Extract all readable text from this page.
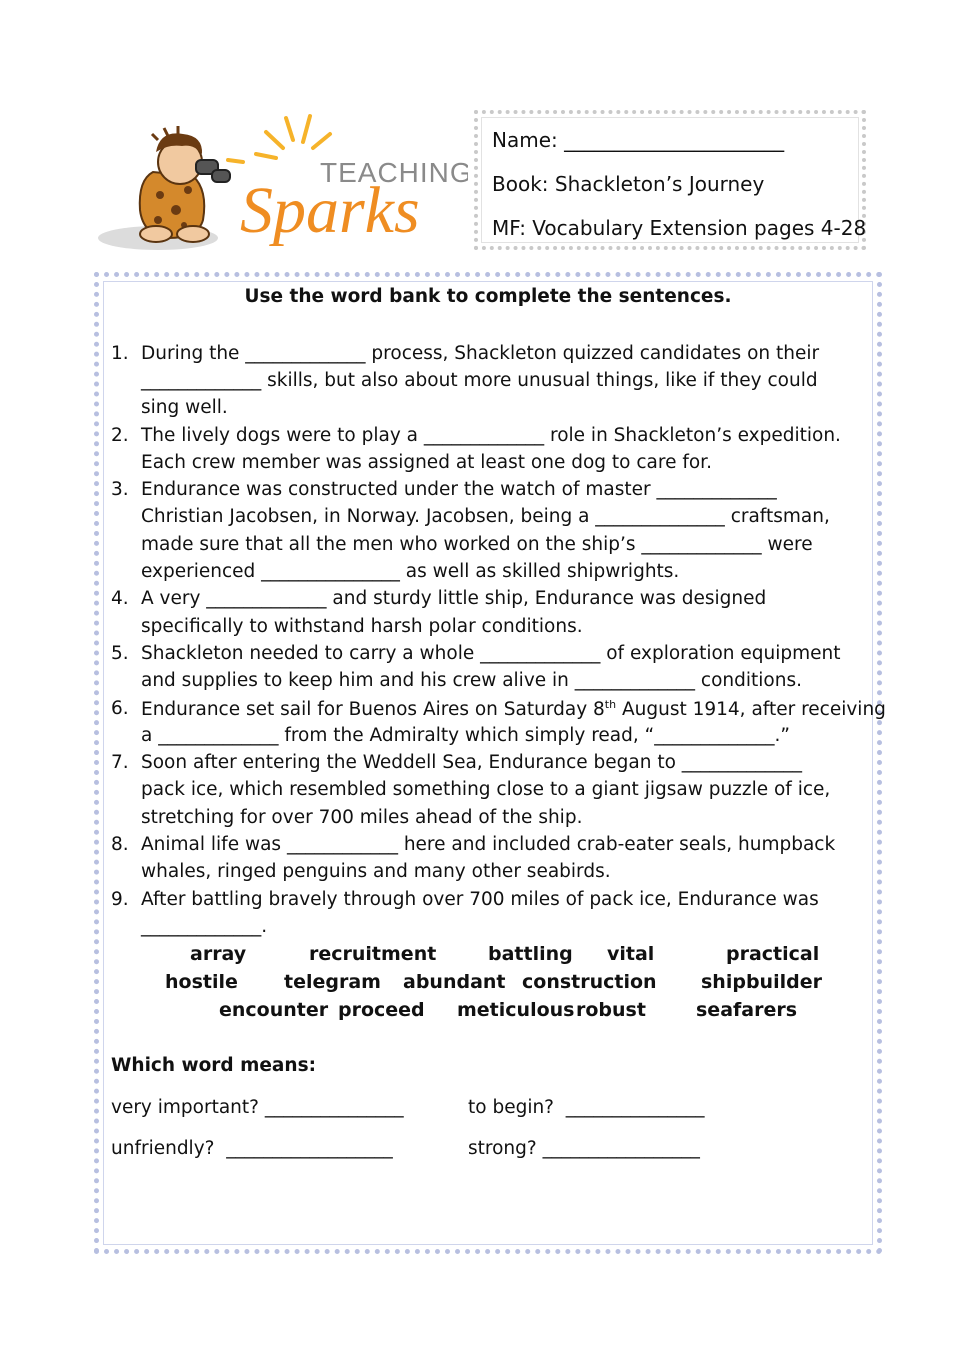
TEACHING
Sparks
Name: ______________________
Book: Shackleton’s Journey
MF: Vocabulary Extension pages 4-28
Use the word bank to complete the sentences.
1. During the _____________ process, Shackleton quizzed candidates on their
_____________ skills, but also about more unusual things, like if they could
sing well.
2. The lively dogs were to play a _____________ role in Shackleton’s expedition.
Each crew member was assigned at least one dog to care for.
3. Endurance was constructed under the watch of master _____________
Christian Jacobsen, in Norway. Jacobsen, being a ______________ craftsman,
made sure that all the men who worked on the ship’s _____________ were
experienced _______________ as well as skilled shipwrights.
4. A very _____________ and sturdy little ship, Endurance was designed
specifically to withstand harsh polar conditions.
5. Shackleton needed to carry a whole _____________ of exploration equipment
and supplies to keep him and his crew alive in _____________ conditions.
6. Endurance set sail for Buenos Aires on Saturday 8th August 1914, after receiving
a _____________ from the Admiralty which simply read, “_____________.”
7. Soon after entering the Weddell Sea, Endurance began to _____________
pack ice, which resembled something close to a giant jigsaw puzzle of ice,
stretching for over 700 miles ahead of the ship.
8. Animal life was ____________ here and included crab-eater seals, humpback
whales, ringed penguins and many other seabirds.
9. After battling bravely through over 700 miles of pack ice, Endurance was
_____________.
array	recruitment	battling vital	practical
hostile telegram abundant construction shipbuilder
encounter proceed meticulous robust	seafarers
Which word means:
very important? _______________	to begin?  _______________
unfriendly?  __________________	strong? _________________
